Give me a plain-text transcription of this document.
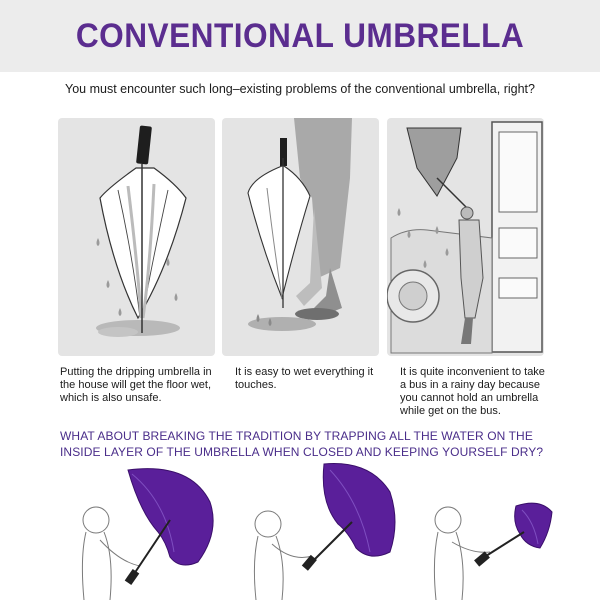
CONVENTIONAL UMBRELLA
You must encounter such long–existing problems of the conventional umbrella, right?
Putting the dripping umbrella in the house will get the floor wet, which is also unsafe.
It is easy to wet everything it touches.
It is quite inconvenient to take a bus in a rainy day because you cannot hold an umbrella while get on the bus.
WHAT ABOUT BREAKING THE TRADITION BY TRAPPING ALL THE WATER ON THE INSIDE LAYER OF THE UMBRELLA WHEN CLOSED AND KEEPING YOURSELF DRY?
